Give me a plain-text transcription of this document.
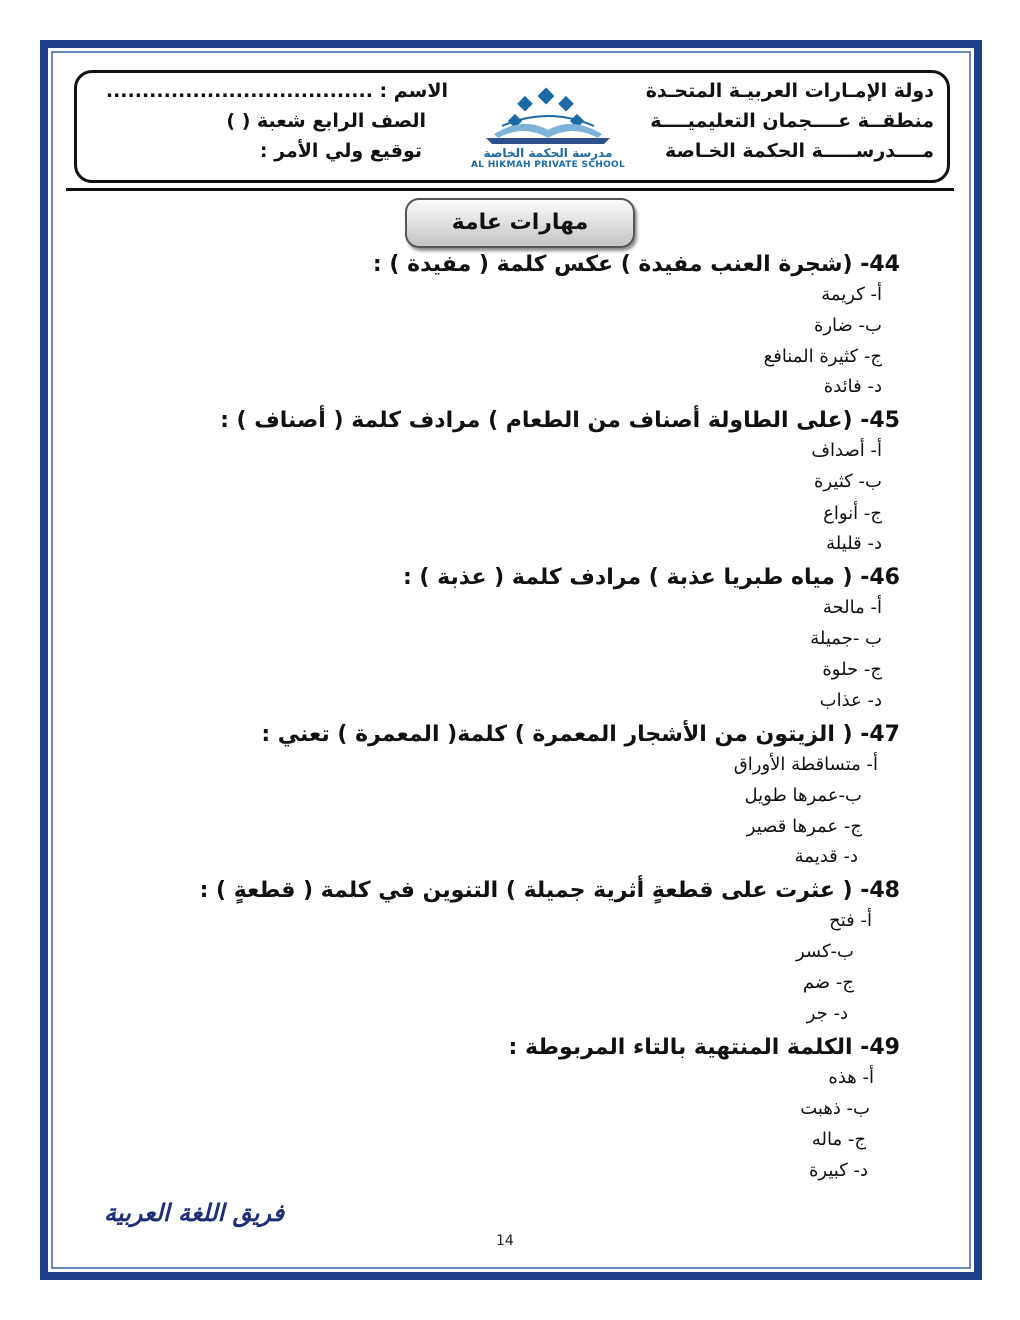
دولة الإمـارات العربيـة المتحـدة
منطقــة عــــجمان التعليميــــة
مــــدرســـــة الحكمة الخـاصة
الاسم : .....................................
الصف الرابع شعبة ( )
توقيع ولي الأمر :	مدرسة الحكمة الخاصة
AL HIKMAH PRIVATE SCHOOL
مهارات عامة
44- (شجرة العنب مفيدة ) عكس كلمة ( مفيدة ) :
أ- كريمة
ب- ضارة
ج- كثيرة المنافع
د- فائدة
45- (على الطاولة أصناف من الطعام ) مرادف كلمة ( أصناف ) :
أ- أصداف
ب- كثيرة
ج- أنواع
د- قليلة
46- ( مياه طبريا عذبة ) مرادف كلمة ( عذبة ) :
أ- مالحة
ب -جميلة
ج- حلوة
د- عذاب
47- ( الزيتون من الأشجار المعمرة ) كلمة( المعمرة ) تعني :
أ- متساقطة الأوراق
ب-عمرها طويل
ج- عمرها قصير
د- قديمة
48- ( عثرت على قطعةٍ أثرية جميلة ) التنوين في كلمة ( قطعةٍ ) :
أ- فتح
ب-كسر
ج- ضم
د- جر
49- الكلمة المنتهية بالتاء المربوطة :
أ- هذه
ب- ذهبت
ج- ماله
د- كبيرة
فريق اللغة العربية
14
